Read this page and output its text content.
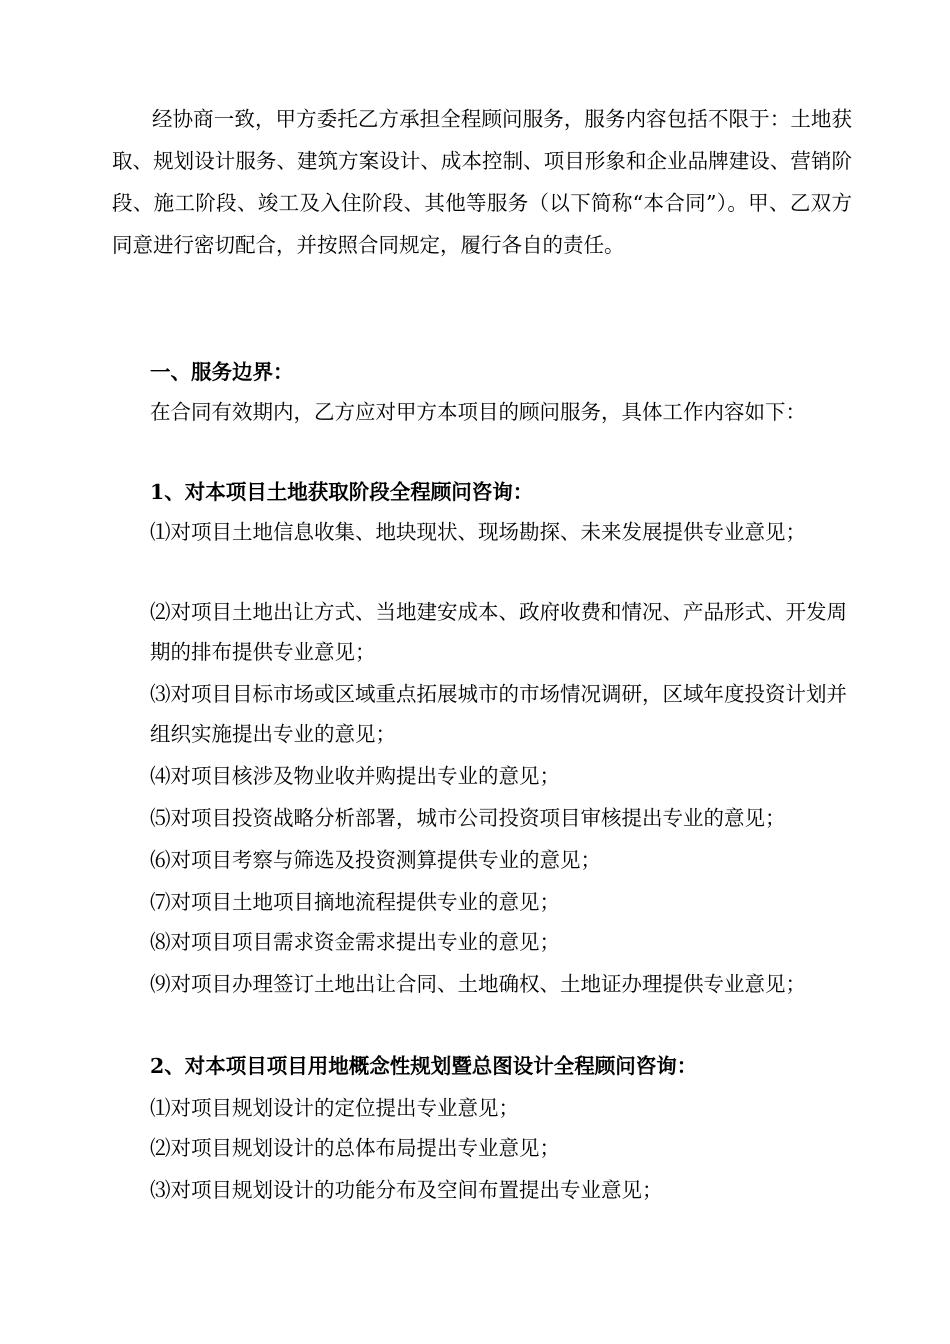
经协商一致，甲方委托乙方承担全程顾问服务，服务内容包括不限于：土地获取、规划设计服务、建筑方案设计、成本控制、项目形象和企业品牌建设、营销阶段、施工阶段、竣工及入住阶段、其他等服务（以下简称“本合同”）。甲、乙双方同意进行密切配合，并按照合同规定，履行各自的责任。

一、服务边界：

在合同有效期内，乙方应对甲方本项目的顾问服务，具体工作内容如下：

1、对本项目土地获取阶段全程顾问咨询：
⑴对项目土地信息收集、地块现状、现场勘探、未来发展提供专业意见；
⑵对项目土地出让方式、当地建安成本、政府收费和情况、产品形式、开发周期的排布提供专业意见；
⑶对项目目标市场或区域重点拓展城市的市场情况调研，区域年度投资计划并组织实施提出专业的意见；
⑷对项目核涉及物业收并购提出专业的意见；
⑸对项目投资战略分析部署，城市公司投资项目审核提出专业的意见；
⑹对项目考察与筛选及投资测算提供专业的意见；
⑺对项目土地项目摘地流程提供专业的意见；
⑻对项目项目需求资金需求提出专业的意见；
⑼对项目办理签订土地出让合同、土地确权、土地证办理提供专业意见；
2、对本项目项目用地概念性规划暨总图设计全程顾问咨询：
⑴对项目规划设计的定位提出专业意见；
⑵对项目规划设计的总体布局提出专业意见；
⑶对项目规划设计的功能分布及空间布置提出专业意见；
